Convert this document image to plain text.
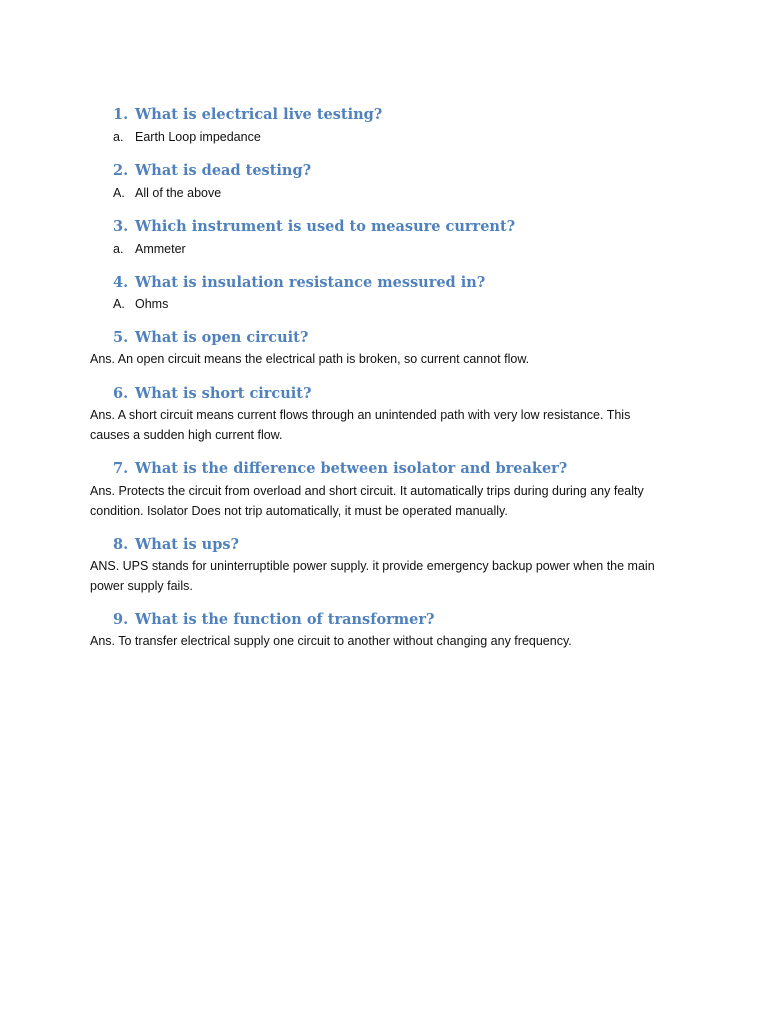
1. What is electrical live testing?
a. Earth Loop impedance
2. What is dead testing?
A. All of the above
3. Which instrument is used to measure current?
a. Ammeter
4. What is insulation resistance messured in?
A. Ohms
5. What is open circuit?
Ans. An open circuit means the electrical path is broken, so current cannot flow.
6. What is short circuit?
Ans. A short circuit means current flows through an unintended path with very low resistance. This
causes a sudden high current flow.
7. What is the difference between isolator and breaker?
Ans. Protects the circuit from overload and short circuit. It automatically trips during during any fealty
condition. Isolator Does not trip automatically, it must be operated manually.
8. What is ups?
ANS. UPS stands for uninterruptible power supply. it provide emergency backup power when the main
power supply fails.
9. What is the function of transformer?
Ans. To transfer electrical supply one circuit to another without changing any frequency.
